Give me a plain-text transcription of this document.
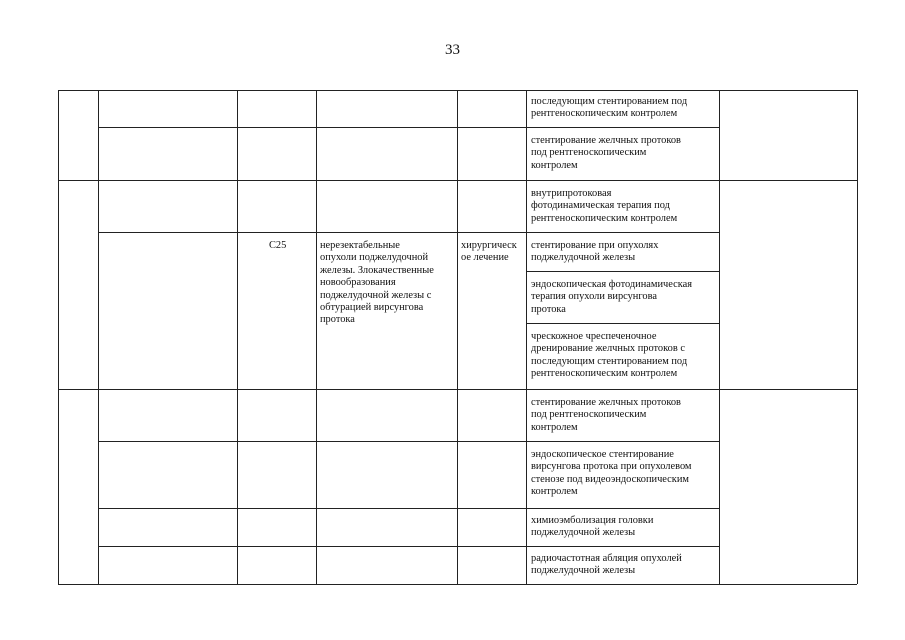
33

C25	нерезектабельные
опухоли поджелудочной
железы. Злокачественные
новообразования
поджелудочной железы с
обтурацией вирсунгова
протока

хирургическ
ое лечение

последующим стентированием под
рентгеноскопическим контролем

стентирование желчных протоков
под рентгеноскопическим
контролем

внутрипротоковая
фотодинамическая терапия под
рентгеноскопическим контролем

стентирование при опухолях
поджелудочной железы

эндоскопическая фотодинамическая
терапия опухоли вирсунгова
протока

чрескожное чреспеченочное
дренирование желчных протоков с
последующим стентированием под
рентгеноскопическим контролем

стентирование желчных протоков
под рентгеноскопическим
контролем

эндоскопическое стентирование
вирсунгова протока при опухолевом
стенозе под видеоэндоскопическим
контролем

химиоэмболизация головки
поджелудочной железы

радиочастотная абляция опухолей
поджелудочной железы
